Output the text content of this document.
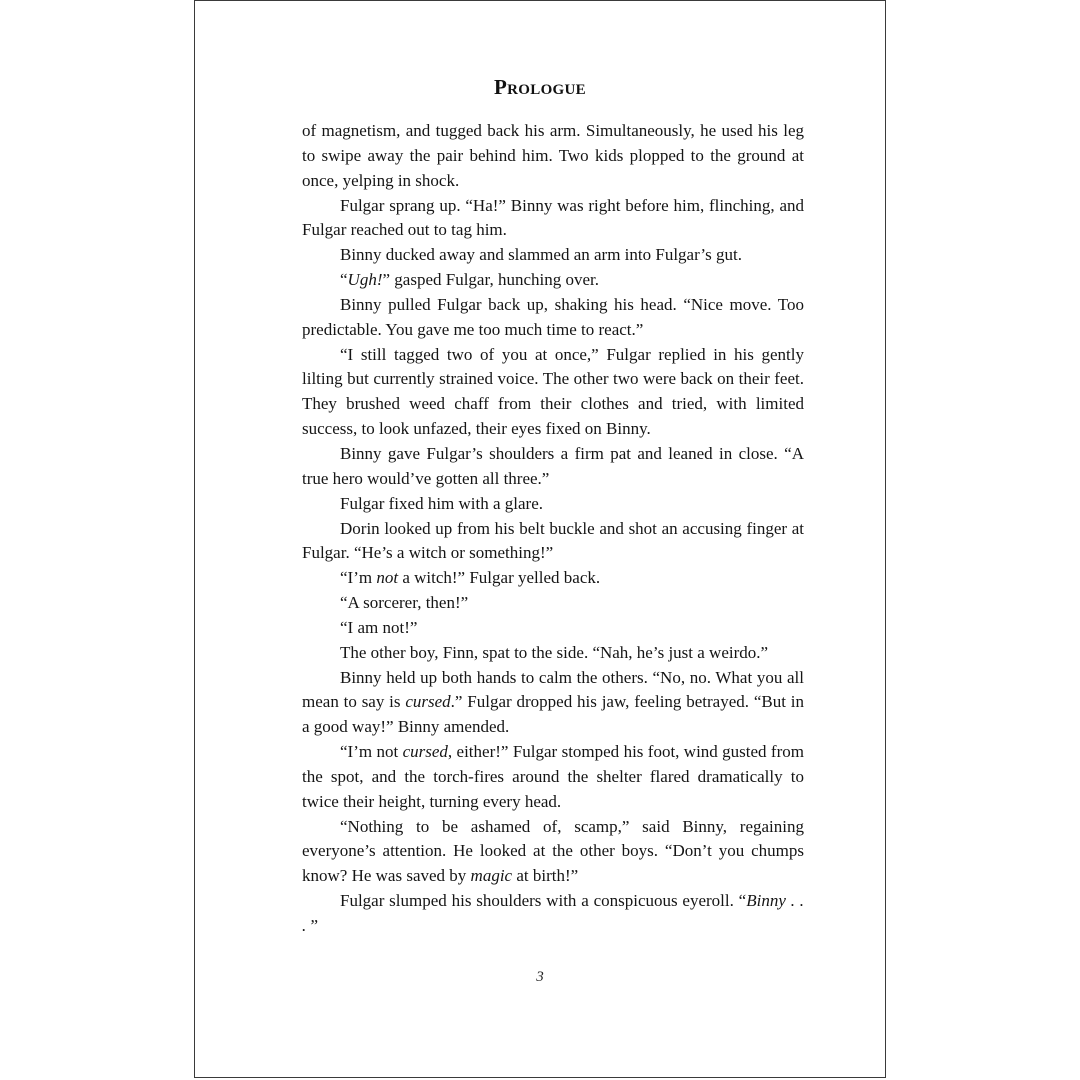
Prologue

of magnetism, and tugged back his arm. Simultaneously, he used his leg to swipe away the pair behind him. Two kids plopped to the ground at once, yelping in shock.

Fulgar sprang up. “Ha!” Binny was right before him, flinching, and Fulgar reached out to tag him.

Binny ducked away and slammed an arm into Fulgar’s gut.

“Ugh!” gasped Fulgar, hunching over.

Binny pulled Fulgar back up, shaking his head. “Nice move. Too predictable. You gave me too much time to react.”

“I still tagged two of you at once,” Fulgar replied in his gently lilting but currently strained voice. The other two were back on their feet. They brushed weed chaff from their clothes and tried, with limited success, to look unfazed, their eyes fixed on Binny.

Binny gave Fulgar’s shoulders a firm pat and leaned in close. “A true hero would’ve gotten all three.”

Fulgar fixed him with a glare.

Dorin looked up from his belt buckle and shot an accusing finger at Fulgar. “He’s a witch or something!”

“I’m not a witch!” Fulgar yelled back.

“A sorcerer, then!”

“I am not!”

The other boy, Finn, spat to the side. “Nah, he’s just a weirdo.”

Binny held up both hands to calm the others. “No, no. What you all mean to say is cursed.” Fulgar dropped his jaw, feeling betrayed. “But in a good way!” Binny amended.

“I’m not cursed, either!” Fulgar stomped his foot, wind gusted from the spot, and the torch-fires around the shelter flared dramatically to twice their height, turning every head.

“Nothing to be ashamed of, scamp,” said Binny, regaining everyone’s attention. He looked at the other boys. “Don’t you chumps know? He was saved by magic at birth!”

Fulgar slumped his shoulders with a conspicuous eyeroll. “Binny . . . ”

3
